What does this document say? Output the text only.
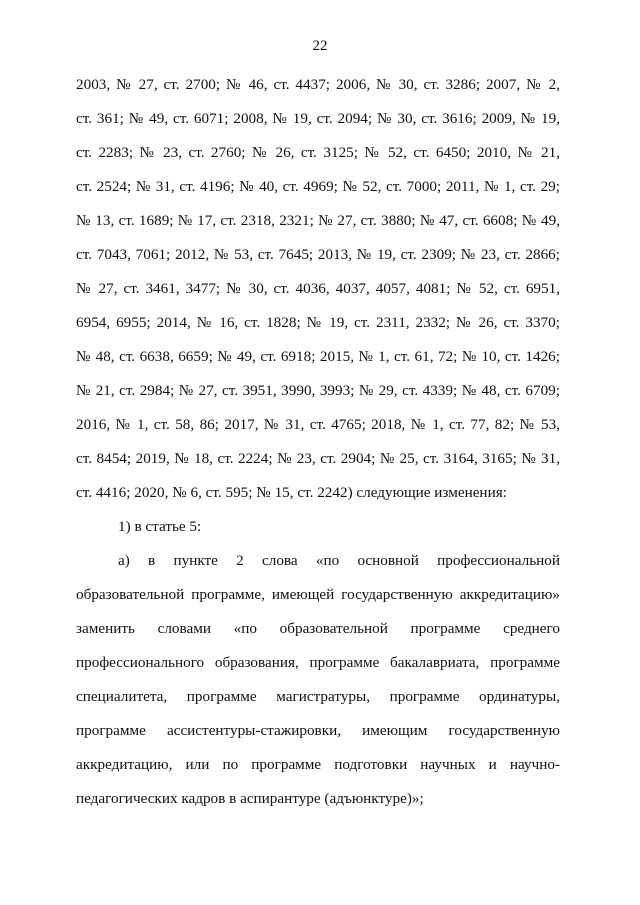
22
2003, № 27, ст. 2700; № 46, ст. 4437; 2006, № 30, ст. 3286; 2007, № 2,
ст. 361; № 49, ст. 6071; 2008, № 19, ст. 2094; № 30, ст. 3616; 2009, № 19,
ст. 2283; № 23, ст. 2760; № 26, ст. 3125; № 52, ст. 6450; 2010, № 21,
ст. 2524; № 31, ст. 4196; № 40, ст. 4969; № 52, ст. 7000; 2011, № 1, ст. 29;
№ 13, ст. 1689; № 17, ст. 2318, 2321; № 27, ст. 3880; № 47, ст. 6608; № 49,
ст. 7043, 7061; 2012, № 53, ст. 7645; 2013, № 19, ст. 2309; № 23, ст. 2866;
№ 27, ст. 3461, 3477; № 30, ст. 4036, 4037, 4057, 4081; № 52, ст. 6951,
6954, 6955; 2014, № 16, ст. 1828; № 19, ст. 2311, 2332; № 26, ст. 3370;
№ 48, ст. 6638, 6659; № 49, ст. 6918; 2015, № 1, ст. 61, 72; № 10, ст. 1426;
№ 21, ст. 2984; № 27, ст. 3951, 3990, 3993; № 29, ст. 4339; № 48, ст. 6709;
2016, № 1, ст. 58, 86; 2017, № 31, ст. 4765; 2018, № 1, ст. 77, 82; № 53,
ст. 8454; 2019, № 18, ст. 2224; № 23, ст. 2904; № 25, ст. 3164, 3165; № 31,
ст. 4416; 2020, № 6, ст. 595; № 15, ст. 2242) следующие изменения:
1) в статье 5:
а) в пункте 2 слова «по основной профессиональной
образовательной программе, имеющей государственную аккредитацию»
заменить словами «по образовательной программе среднего
профессионального образования, программе бакалавриата, программе
специалитета, программе магистратуры, программе ординатуры,
программе ассистентуры-стажировки, имеющим государственную
аккредитацию, или по программе подготовки научных и научно-
педагогических кадров в аспирантуре (адъюнктуре)»;
